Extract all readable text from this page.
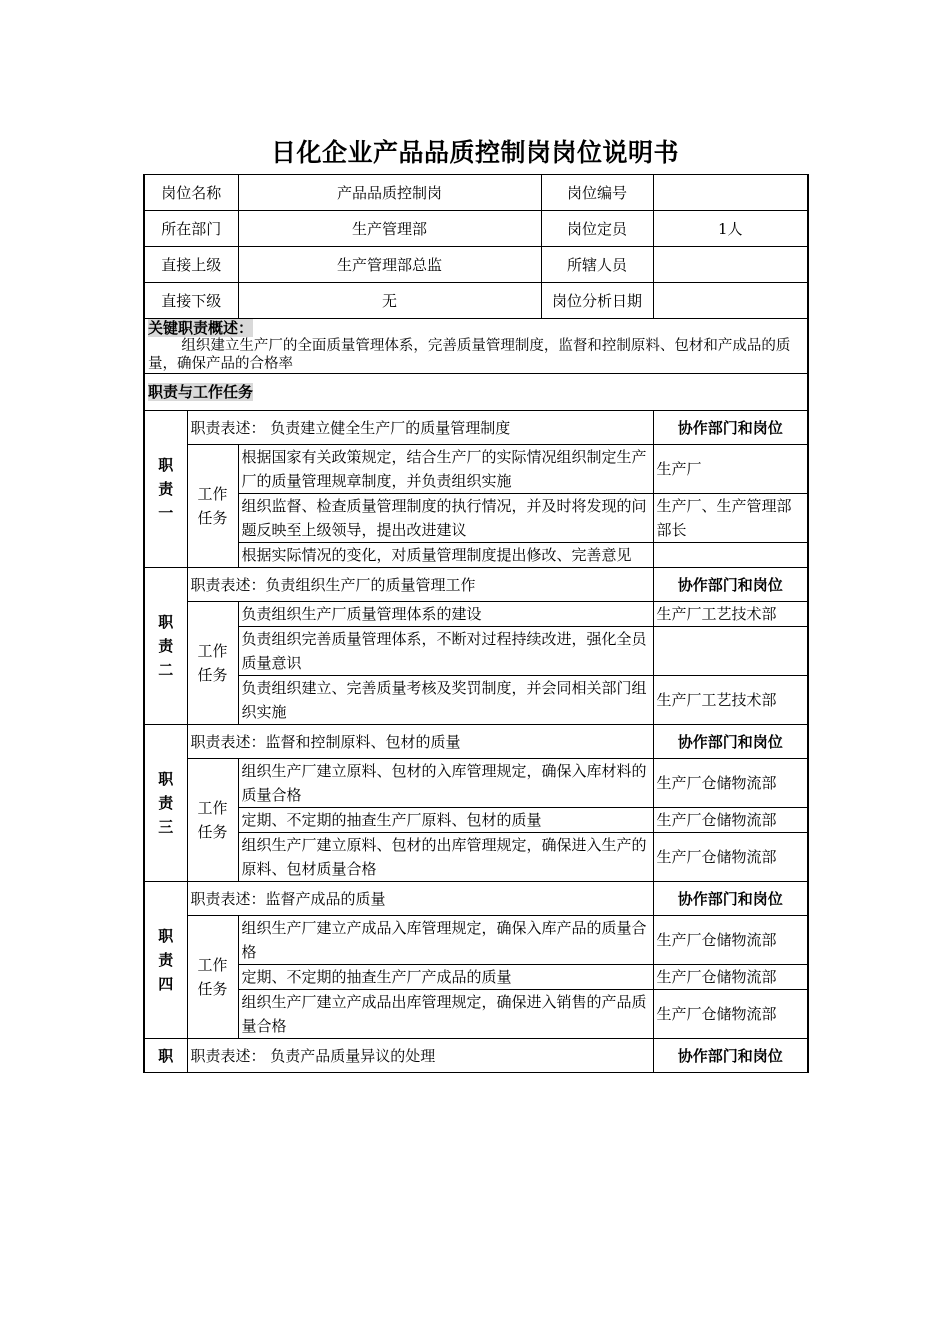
日化企业产品品质控制岗岗位说明书
岗位名称		产品品质控制岗	岗位编号	
所在部门		生产管理部	岗位定员	1人
直接上级		生产管理部总监	所辖人员	
直接下级		无	岗位分析日期	

关键职责概述：
组织建立生产厂的全面质量管理体系，完善质量管理制度，监督和控制原料、包材和产成品的质量，确保产品的合格率				

职责与工作任务				
职责一	职责表述： 负责建立健全生产厂的质量管理制度			协作部门和岗位
	工作任务	根据国家有关政策规定，结合生产厂的实际情况组织制定生产厂的质量管理规章制度，并负责组织实施		生产厂
		组织监督、检查质量管理制度的执行情况，并及时将发现的问题反映至上级领导，提出改进建议		生产厂、生产管理部部长
		根据实际情况的变化，对质量管理制度提出修改、完善意见		
职责二	职责表述：负责组织生产厂的质量管理工作			协作部门和岗位
	工作任务	负责组织生产厂质量管理体系的建设		生产厂工艺技术部
		负责组织完善质量管理体系，不断对过程持续改进，强化全员质量意识		
		负责组织建立、完善质量考核及奖罚制度，并会同相关部门组织实施		生产厂工艺技术部
职责三	职责表述：监督和控制原料、包材的质量			协作部门和岗位
	工作任务	组织生产厂建立原料、包材的入库管理规定，确保入库材料的质量合格		生产厂仓储物流部
		定期、不定期的抽查生产厂原料、包材的质量		生产厂仓储物流部
		组织生产厂建立原料、包材的出库管理规定，确保进入生产的原料、包材质量合格		生产厂仓储物流部
职责四	职责表述：监督产成品的质量			协作部门和岗位
	工作任务	组织生产厂建立产成品入库管理规定，确保入库产品的质量合格		生产厂仓储物流部
		定期、不定期的抽查生产厂产成品的质量		生产厂仓储物流部
		组织生产厂建立产成品出库管理规定，确保进入销售的产品质量合格		生产厂仓储物流部
职	职责表述： 负责产品质量异议的处理			协作部门和岗位
